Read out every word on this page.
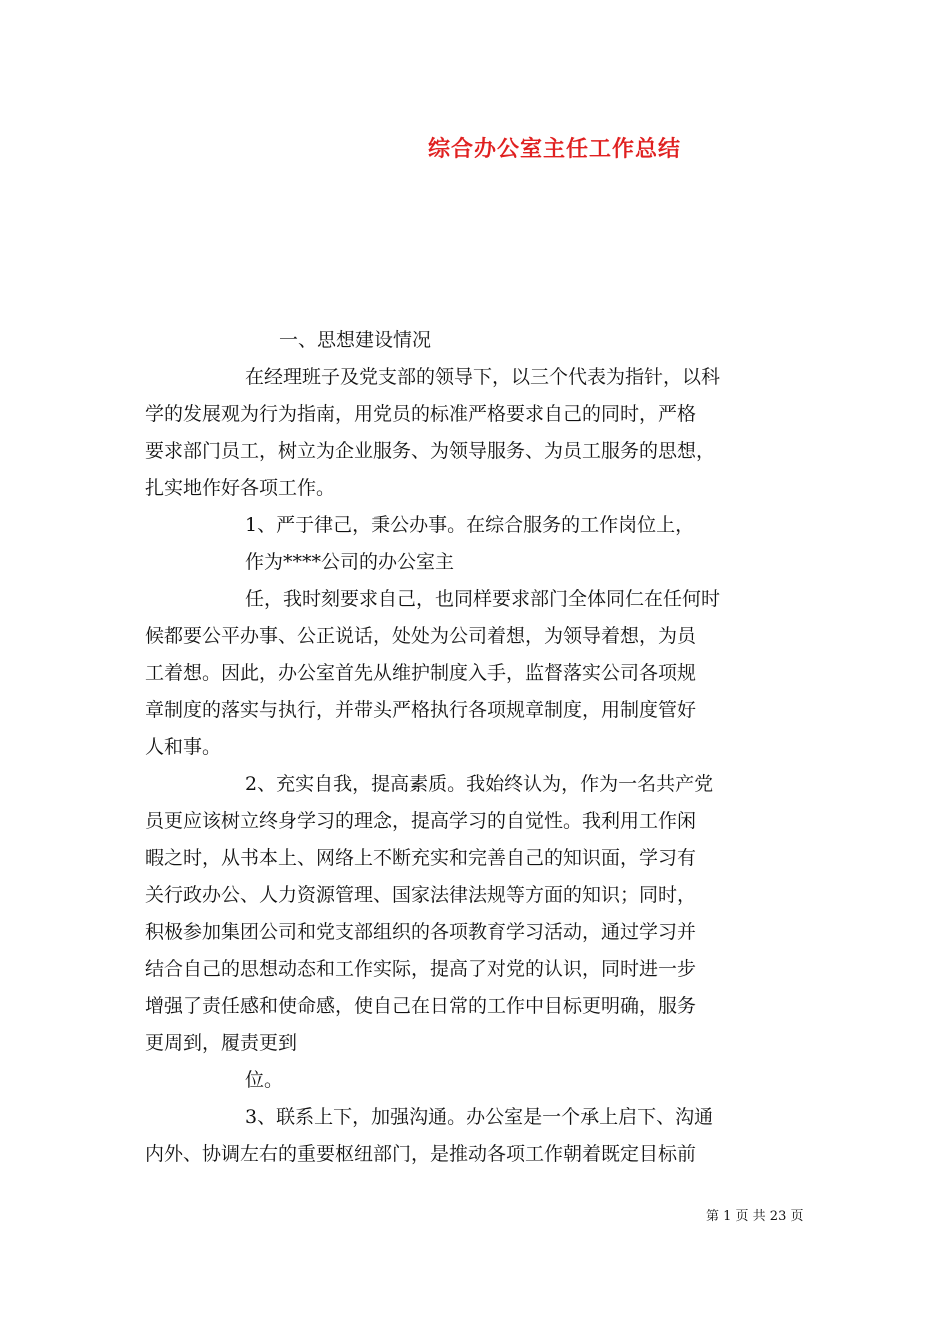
综合办公室主任工作总结
一、思想建设情况
在经理班子及党支部的领导下，以三个代表为指针，以科
学的发展观为行为指南，用党员的标准严格要求自己的同时，严格
要求部门员工，树立为企业服务、为领导服务、为员工服务的思想，
扎实地作好各项工作。
1、严于律己，秉公办事。在综合服务的工作岗位上，
作为****公司的办公室主
任，我时刻要求自己，也同样要求部门全体同仁在任何时
候都要公平办事、公正说话，处处为公司着想，为领导着想，为员
工着想。因此，办公室首先从维护制度入手，监督落实公司各项规
章制度的落实与执行，并带头严格执行各项规章制度，用制度管好
人和事。
2、充实自我，提高素质。我始终认为，作为一名共产党
员更应该树立终身学习的理念，提高学习的自觉性。我利用工作闲
暇之时，从书本上、网络上不断充实和完善自己的知识面，学习有
关行政办公、人力资源管理、国家法律法规等方面的知识；同时，
积极参加集团公司和党支部组织的各项教育学习活动，通过学习并
结合自己的思想动态和工作实际，提高了对党的认识，同时进一步
增强了责任感和使命感，使自己在日常的工作中目标更明确，服务
更周到，履责更到
位。
3、联系上下，加强沟通。办公室是一个承上启下、沟通
内外、协调左右的重要枢纽部门，是推动各项工作朝着既定目标前
第 1 页 共 23 页
